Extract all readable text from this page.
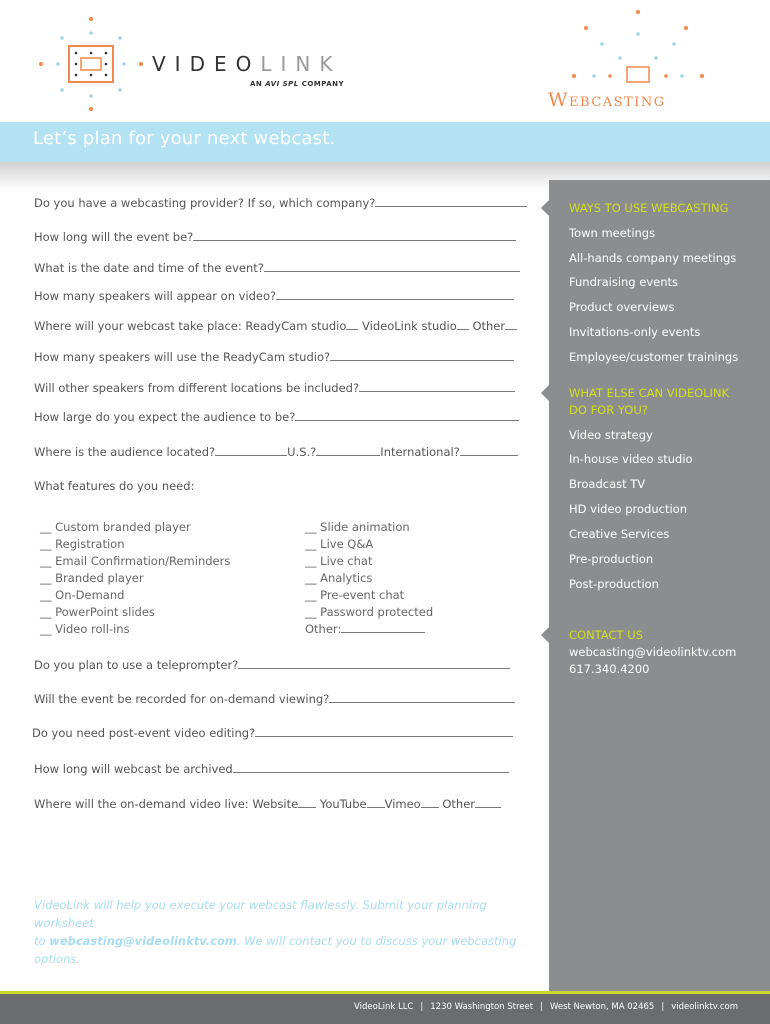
VIDEOLINK
AN AVI SPL COMPANY
Webcasting
Let’s plan for your next webcast.
WAYS TO USE WEBCASTING
Town meetings
All-hands company meetings
Fundraising events
Product overviews
Invitations-only events
Employee/customer trainings
WHAT ELSE CAN VIDEOLINK
DO FOR YOU?
Video strategy
In-house video studio
Broadcast TV
HD video production
Creative Services
Pre-production
Post-production
CONTACT US
webcasting@videolinktv.com
617.340.4200
Do you have a webcasting provider? If so, which company?
How long will the event be?
What is the date and time of the event?
How many speakers will appear on video?
Where will your webcast take place: ReadyCam studio VideoLink studio Other
How many speakers will use the ReadyCam studio?
Will other speakers from different locations be included?
How large do you expect the audience to be?
Where is the audience located?	U.S.?	International?
What features do you need:
__ Custom branded player
__ Registration
__ Email Confirmation/Reminders
__ Branded player
__ On-Demand
__ PowerPoint slides
__ Video roll-ins
__ Slide animation
__ Live Q&A
__ Live chat
__ Analytics
__ Pre-event chat
__ Password protected
Other:
Do you plan to use a teleprompter?
Will the event be recorded for on-demand viewing?
Do you need post-event video editing?
How long will webcast be archived
Where will the on-demand video live: Website YouTube Vimeo Other
VideoLink will help you execute your webcast flawlessly. Submit your planning worksheet
to webcasting@videolinktv.com. We will contact you to discuss your webcasting options.
VideoLink LLC | 1230 Washington Street | West Newton, MA 02465 | videolinktv.com
